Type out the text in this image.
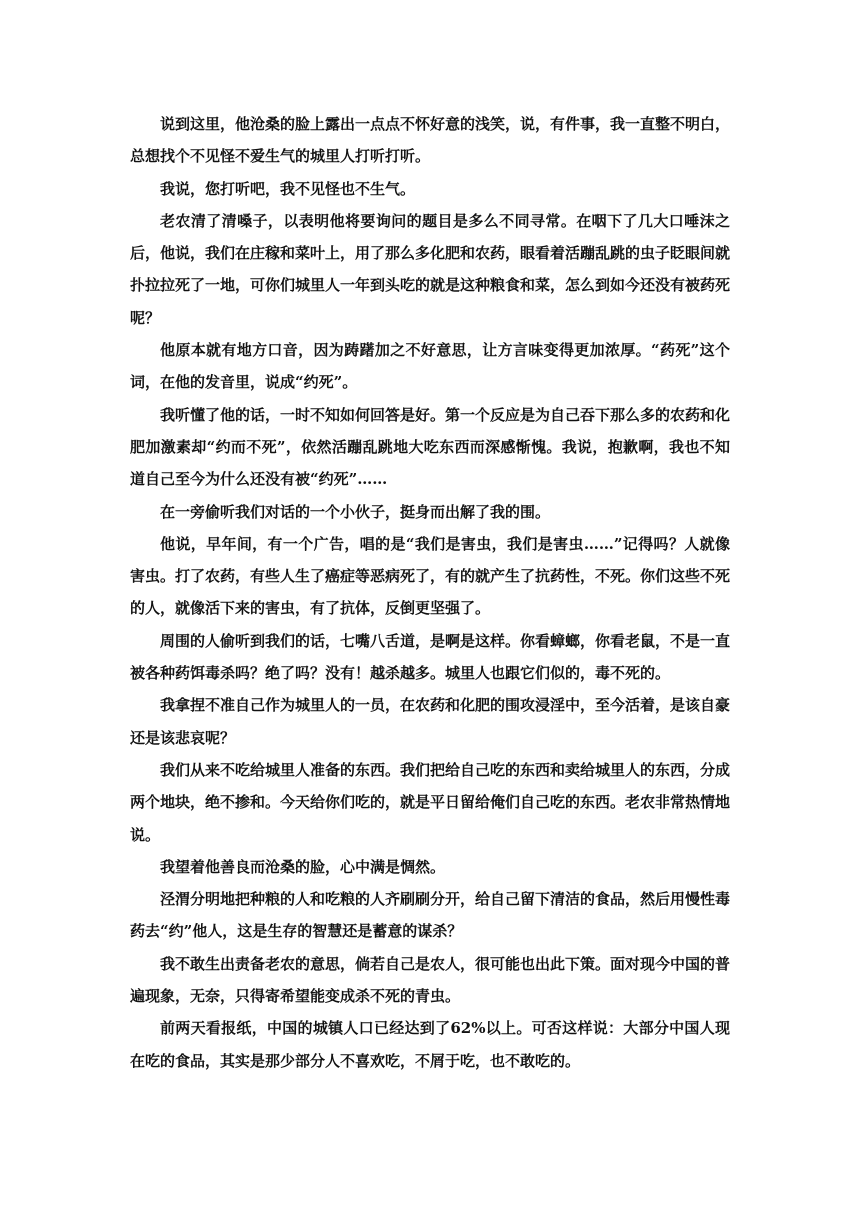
说到这里，他沧桑的脸上露出一点点不怀好意的浅笑，说，有件事，我一直整不明白，总想找个不见怪不爱生气的城里人打听打听。

我说，您打听吧，我不见怪也不生气。

老农清了清嗓子，以表明他将要询问的题目是多么不同寻常。在咽下了几大口唾沫之后，他说，我们在庄稼和菜叶上，用了那么多化肥和农药，眼看着活蹦乱跳的虫子眨眼间就扑拉拉死了一地，可你们城里人一年到头吃的就是这种粮食和菜，怎么到如今还没有被药死呢？

他原本就有地方口音，因为踌躇加之不好意思，让方言味变得更加浓厚。“药死”这个词，在他的发音里，说成“约死”。

我听懂了他的话，一时不知如何回答是好。第一个反应是为自己吞下那么多的农药和化肥加激素却“约而不死”，依然活蹦乱跳地大吃东西而深感惭愧。我说，抱歉啊，我也不知道自己至今为什么还没有被“约死”……

在一旁偷听我们对话的一个小伙子，挺身而出解了我的围。

他说，早年间，有一个广告，唱的是“我们是害虫，我们是害虫……”记得吗？人就像害虫。打了农药，有些人生了癌症等恶病死了，有的就产生了抗药性，不死。你们这些不死的人，就像活下来的害虫，有了抗体，反倒更坚强了。

周围的人偷听到我们的话，七嘴八舌道，是啊是这样。你看蟑螂，你看老鼠，不是一直被各种药饵毒杀吗？绝了吗？没有！越杀越多。城里人也跟它们似的，毒不死的。

我拿捏不准自己作为城里人的一员，在农药和化肥的围攻浸淫中，至今活着，是该自豪还是该悲哀呢？

我们从来不吃给城里人准备的东西。我们把给自己吃的东西和卖给城里人的东西，分成两个地块，绝不掺和。今天给你们吃的，就是平日留给俺们自己吃的东西。老农非常热情地说。

我望着他善良而沧桑的脸，心中满是惆然。

泾渭分明地把种粮的人和吃粮的人齐刷刷分开，给自己留下清洁的食品，然后用慢性毒药去“约”他人，这是生存的智慧还是蓄意的谋杀？

我不敢生出责备老农的意思，倘若自己是农人，很可能也出此下策。面对现今中国的普遍现象，无奈，只得寄希望能变成杀不死的青虫。

前两天看报纸，中国的城镇人口已经达到了62%以上。可否这样说：大部分中国人现在吃的食品，其实是那少部分人不喜欢吃，不屑于吃，也不敢吃的。
